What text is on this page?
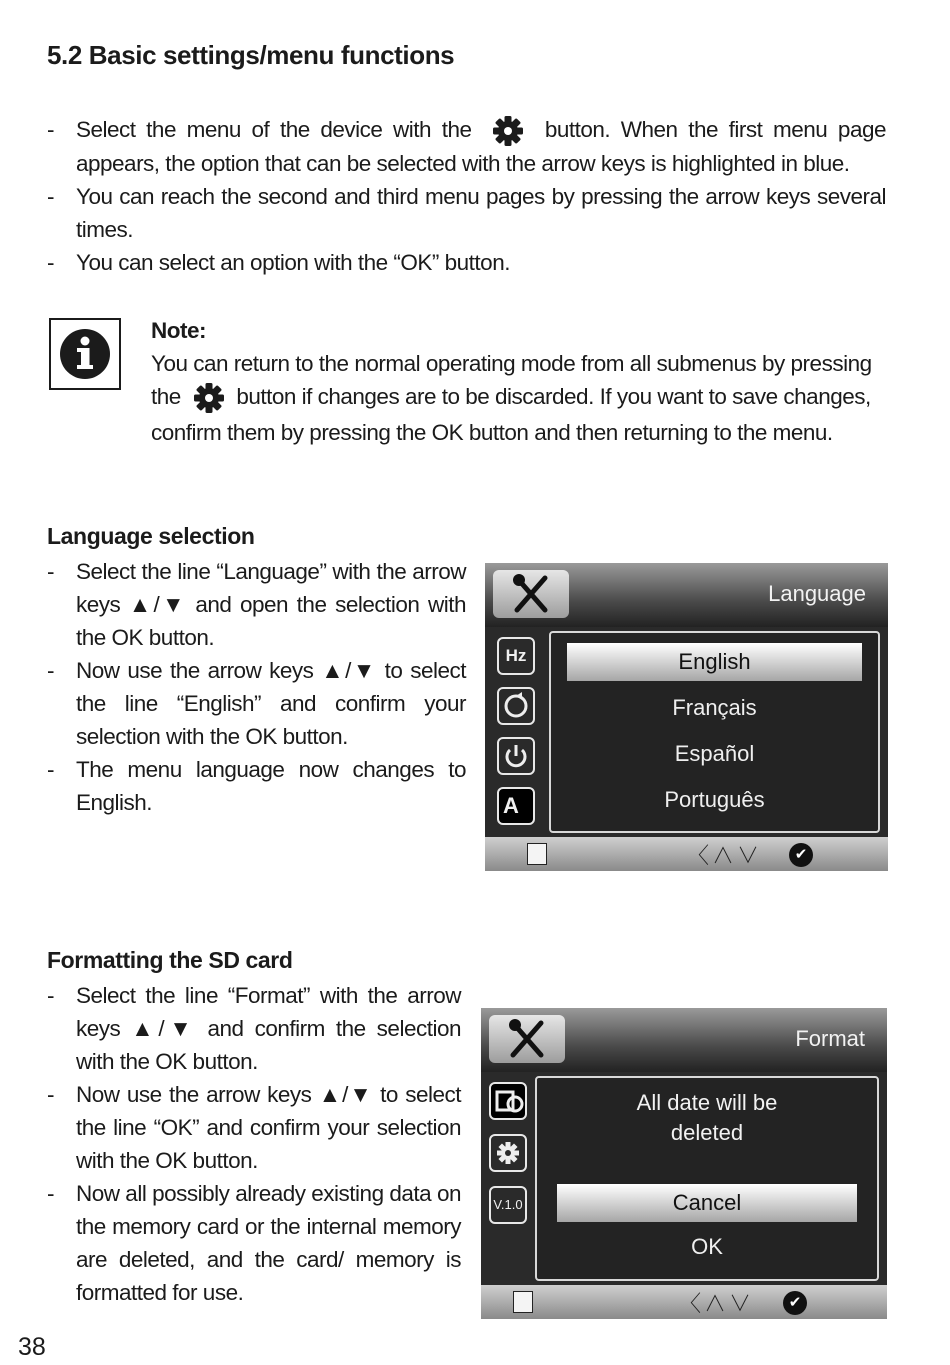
5.2 Basic settings/menu functions
- Select the menu of the device with the	button. When the first menu page appears, the option that can be selected with the arrow keys is highlighted in blue.
- You can reach the second and third menu pages by pressing the arrow keys several times.
- You can select an option with the “OK” button.
Note:
You can return to the normal operating mode from all submenus by pressing
the button if changes are to be discarded. If you want to save changes,
confirm them by pressing the OK button and then returning to the menu.
Language selection
- Select the line “Language” with the arrow keys ▲/▼ and open the selection with the OK button.
- Now use the arrow keys ▲/▼ to select the line “English” and confirm your selection with the OK button.
- The menu language now changes to English.
Language
Hz
A
English
Français
Español
Português
〈∧∨	✔
Formatting the SD card
- Select the line “Format” with the arrow keys ▲/▼ and confirm the selection with the OK button.
- Now use the arrow keys ▲/▼ to select the line “OK” and confirm your selection with the OK button.
- Now all possibly already existing data on the memory card or the internal memory are deleted, and the card/ memory is formatted for use.
Format
V.1.0
All date will be
deleted
Cancel
OK
〈∧∨	✔
38
